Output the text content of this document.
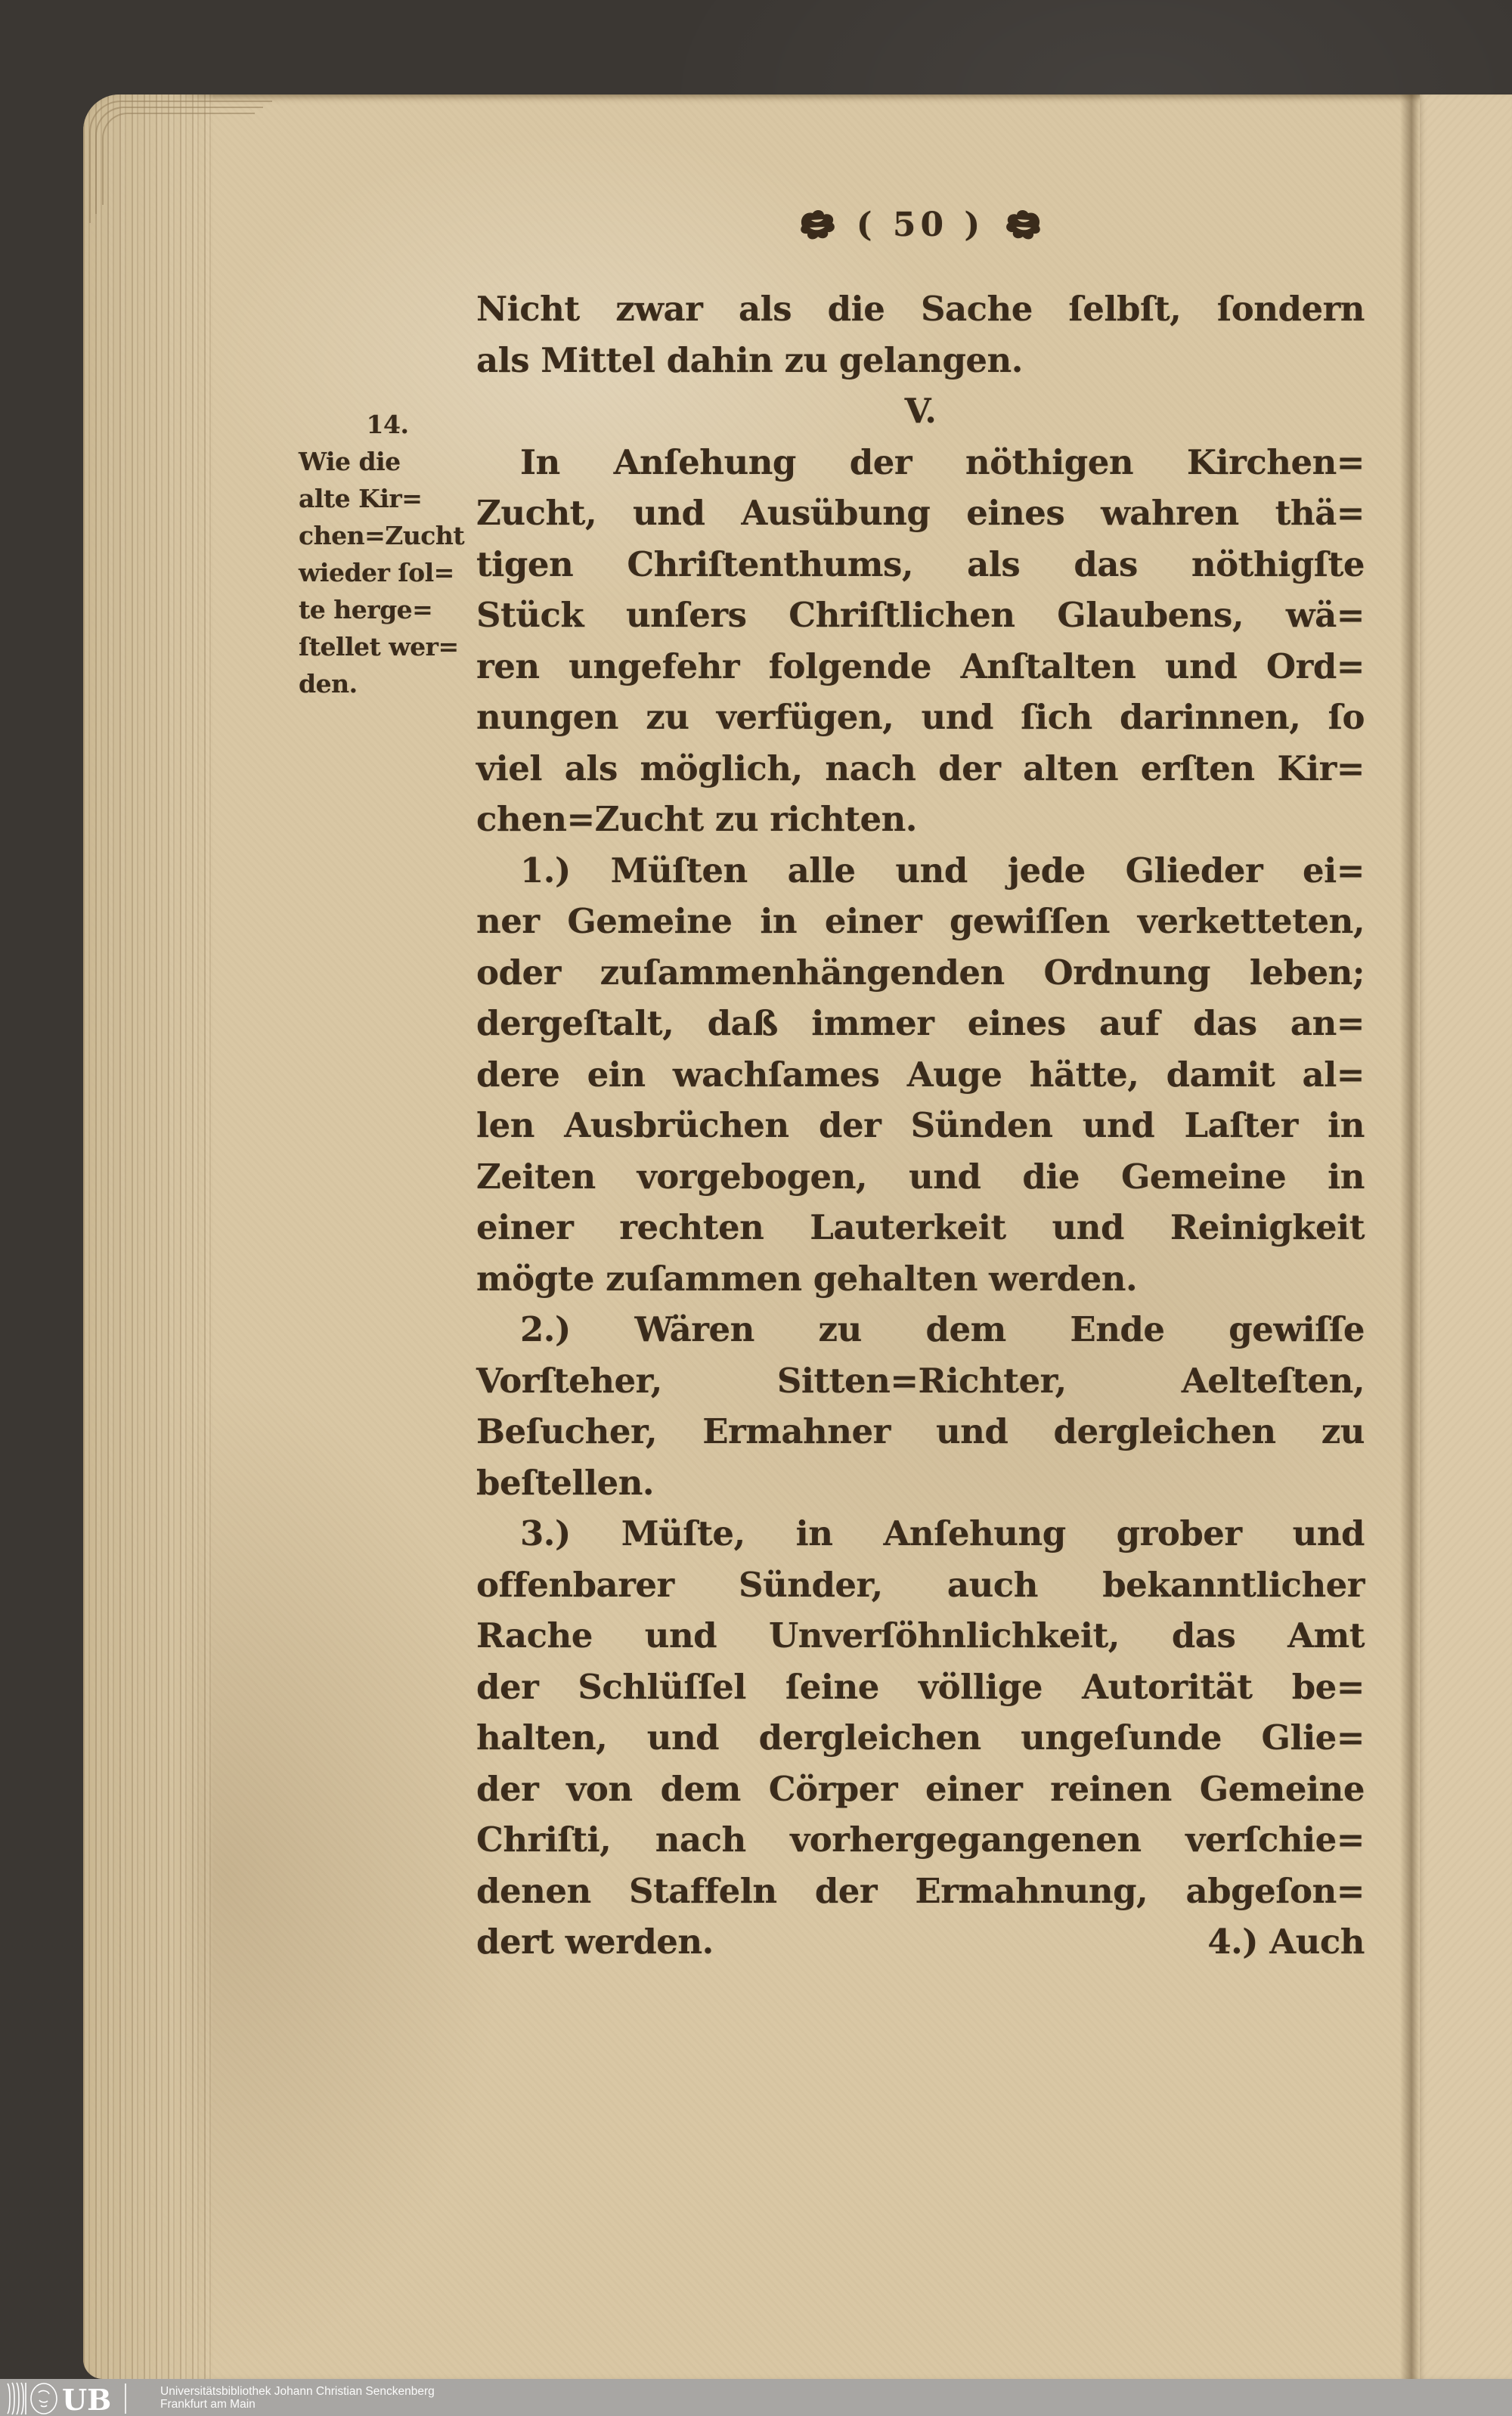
( 50 )
14.
Wie die
alte Kir=
chen=Zucht
wieder ſol=
te herge=
ſtellet wer=
den.
Nicht zwar als die Sache ſelbſt, ſondern
als Mittel dahin zu gelangen.
V.
In Anſehung der nöthigen Kirchen=
Zucht, und Ausübung eines wahren thä=
tigen Chriſtenthums, als das nöthigſte
Stück unſers Chriſtlichen Glaubens, wä=
ren ungefehr folgende Anſtalten und Ord=
nungen zu verfügen, und ſich darinnen, ſo
viel als möglich, nach der alten erſten Kir=
chen=Zucht zu richten.
1.) Müſten alle und jede Glieder ei=
ner Gemeine in einer gewiſſen verketteten,
oder zuſammenhängenden Ordnung leben;
dergeſtalt, daß immer eines auf das an=
dere ein wachſames Auge hätte, damit al=
len Ausbrüchen der Sünden und Laſter in
Zeiten vorgebogen, und die Gemeine in
einer rechten Lauterkeit und Reinigkeit
mögte zuſammen gehalten werden.
2.) Wären zu dem Ende gewiſſe
Vorſteher, Sitten=Richter, Aelteſten,
Beſucher, Ermahner und dergleichen zu
beſtellen.
3.) Müſte, in Anſehung grober und
offenbarer Sünder, auch bekanntlicher
Rache und Unverſöhnlichkeit, das Amt
der Schlüſſel ſeine völlige Autorität be=
halten, und dergleichen ungeſunde Glie=
der von dem Cörper einer reinen Gemeine
Chriſti, nach vorhergegangenen verſchie=
denen Staffeln der Ermahnung, abgeſon=
dert werden.	4.) Auch
UB	Universitätsbibliothek Johann Christian Senckenberg
Frankfurt am Main
